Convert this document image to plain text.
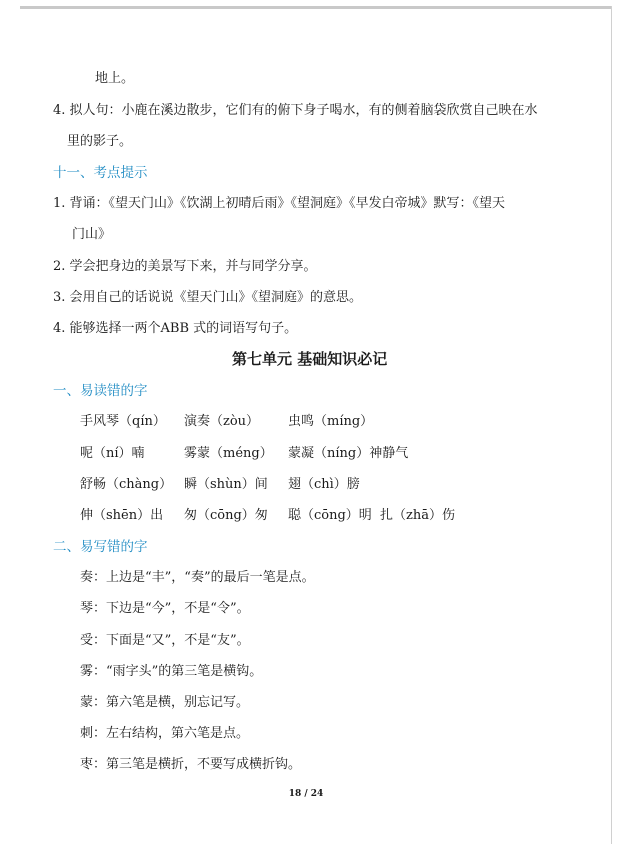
地上。
4. 拟人句：小鹿在溪边散步，它们有的俯下身子喝水，有的侧着脑袋欣赏自己映在水
里的影子。
十一、考点提示
1. 背诵：《望天门山》《饮湖上初晴后雨》《望洞庭》《早发白帝城》默写：《望天
门山》
2. 学会把身边的美景写下来，并与同学分享。
3. 会用自己的话说说《望天门山》《望洞庭》的意思。
4. 能够选择一两个ABB 式的词语写句子。
第七单元 基础知识必记
一、易读错的字
手风琴（qín） 演奏（zòu） 虫鸣（míng）
呢（ní）喃	雾蒙（méng） 蒙凝（níng）神静气
舒畅（chàng） 瞬（shùn）间 翅（chì）膀
伸（shēn）出 匆（cōng）匆 聪（cōng）明 扎（zhā）伤
二、易写错的字
奏：上边是“丰”，“奏”的最后一笔是点。
琴：下边是“今”，不是“令”。
受：下面是“又”，不是“友”。
雾：“雨字头”的第三笔是横钩。
蒙：第六笔是横，别忘记写。
刺：左右结构，第六笔是点。
枣：第三笔是横折，不要写成横折钩。
18 / 24
